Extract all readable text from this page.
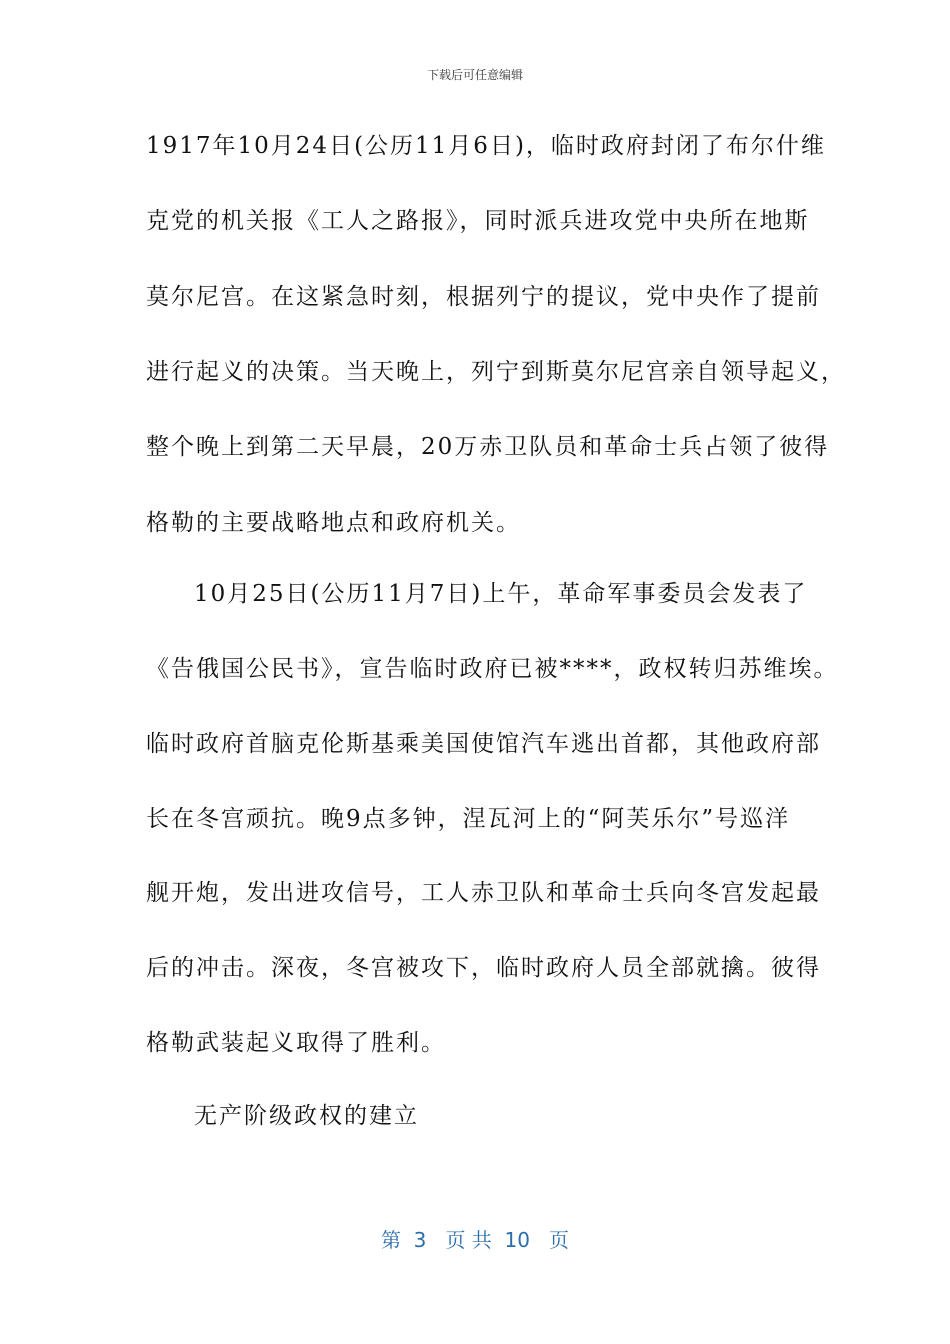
下载后可任意编辑
1917年10月24日(公历11月6日)，临时政府封闭了布尔什维
克党的机关报《工人之路报》，同时派兵进攻党中央所在地斯
莫尔尼宫。在这紧急时刻，根据列宁的提议，党中央作了提前
进行起义的决策。当天晚上，列宁到斯莫尔尼宫亲自领导起义，
整个晚上到第二天早晨，20万赤卫队员和革命士兵占领了彼得
格勒的主要战略地点和政府机关。
10月25日(公历11月7日)上午，革命军事委员会发表了
《告俄国公民书》，宣告临时政府已被****，政权转归苏维埃。
临时政府首脑克伦斯基乘美国使馆汽车逃出首都，其他政府部
长在冬宫顽抗。晚9点多钟，涅瓦河上的“阿芙乐尔”号巡洋
舰开炮，发出进攻信号，工人赤卫队和革命士兵向冬宫发起最
后的冲击。深夜，冬宫被攻下，临时政府人员全部就擒。彼得
格勒武装起义取得了胜利。
无产阶级政权的建立
第  3   页 共  10   页
